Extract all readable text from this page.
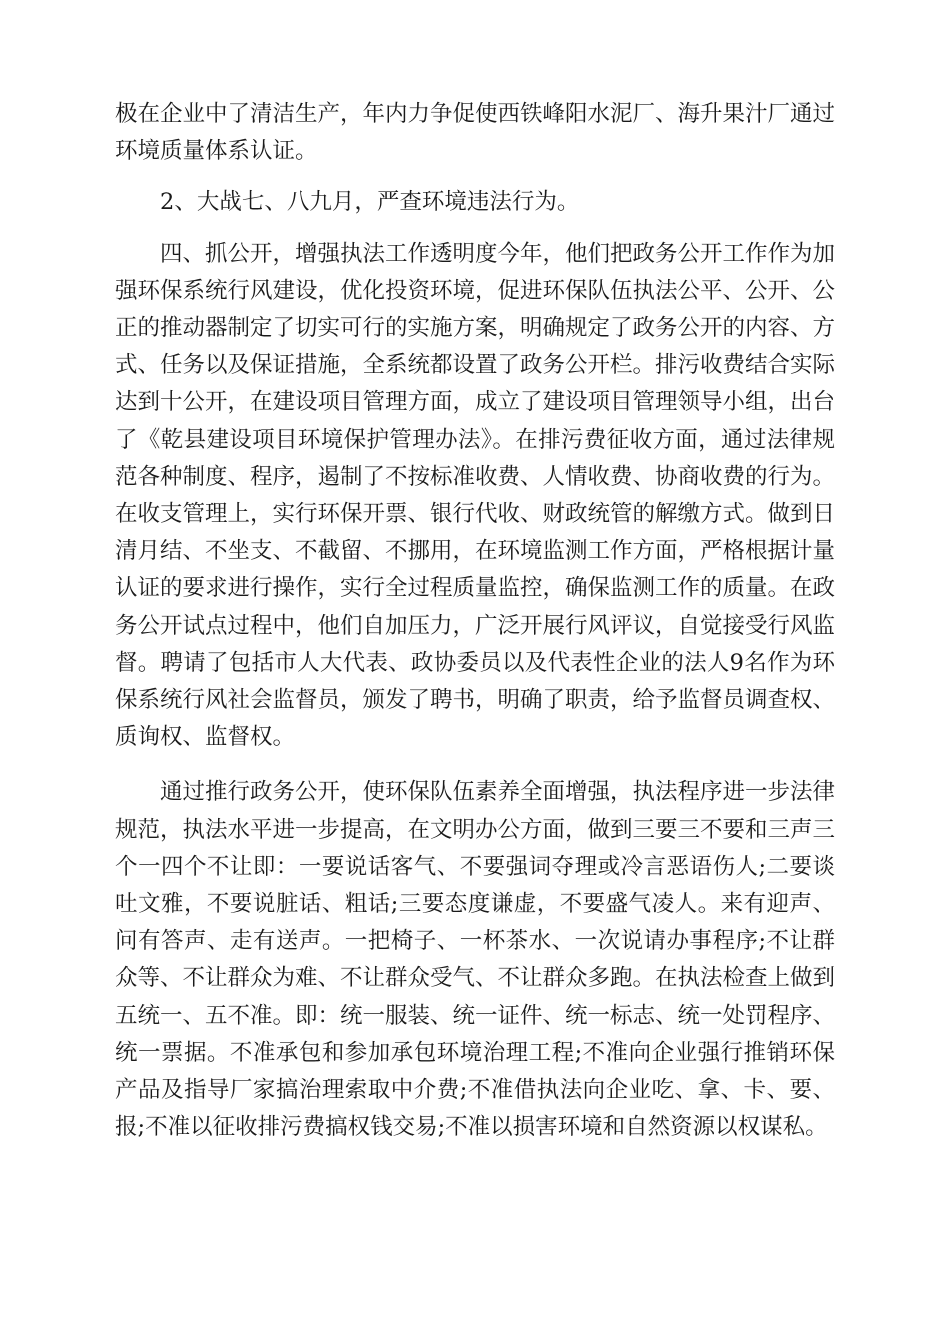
极在企业中了清洁生产，年内力争促使西铁峰阳水泥厂、海升果汁厂通过环境质量体系认证。

2、大战七、八九月，严查环境违法行为。

四、抓公开，增强执法工作透明度今年，他们把政务公开工作作为加强环保系统行风建设，优化投资环境，促进环保队伍执法公平、公开、公正的推动器制定了切实可行的实施方案，明确规定了政务公开的内容、方式、任务以及保证措施，全系统都设置了政务公开栏。排污收费结合实际达到十公开，在建设项目管理方面，成立了建设项目管理领导小组，出台了《乾县建设项目环境保护管理办法》。在排污费征收方面，通过法律规范各种制度、程序，遏制了不按标准收费、人情收费、协商收费的行为。在收支管理上，实行环保开票、银行代收、财政统管的解缴方式。做到日清月结、不坐支、不截留、不挪用，在环境监测工作方面，严格根据计量认证的要求进行操作，实行全过程质量监控，确保监测工作的质量。在政务公开试点过程中，他们自加压力，广泛开展行风评议，自觉接受行风监督。聘请了包括市人大代表、政协委员以及代表性企业的法人9名作为环保系统行风社会监督员，颁发了聘书，明确了职责，给予监督员调查权、质询权、监督权。

通过推行政务公开，使环保队伍素养全面增强，执法程序进一步法律规范，执法水平进一步提高，在文明办公方面，做到三要三不要和三声三个一四个不让即：一要说话客气、不要强词夺理或冷言恶语伤人;二要谈吐文雅，不要说脏话、粗话;三要态度谦虚，不要盛气凌人。来有迎声、问有答声、走有送声。一把椅子、一杯茶水、一次说请办事程序;不让群众等、不让群众为难、不让群众受气、不让群众多跑。在执法检查上做到五统一、五不准。即：统一服装、统一证件、统一标志、统一处罚程序、统一票据。不准承包和参加承包环境治理工程;不准向企业强行推销环保产品及指导厂家搞治理索取中介费;不准借执法向企业吃、拿、卡、要、报;不准以征收排污费搞权钱交易;不准以损害环境和自然资源以权谋私。
